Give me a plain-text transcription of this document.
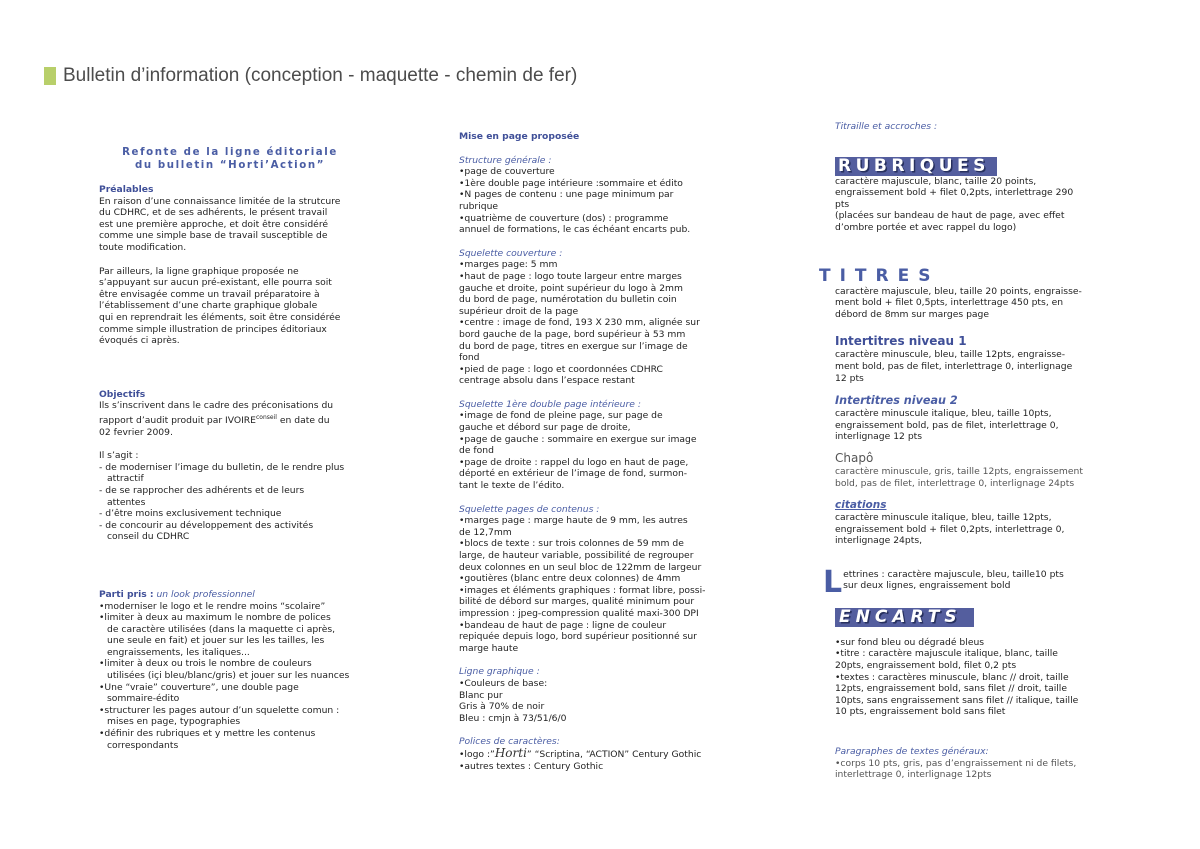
Bulletin d’information (conception - maquette - chemin de fer)
Refonte de la ligne éditoriale
du bulletin “Horti’Action”
Préalables
En raison d’une connaissance limitée de la strutcure
du CDHRC, et de ses adhérents, le présent travail
est une première approche, et doit être considéré
comme une simple base de travail susceptible de
toute modification.
Par ailleurs, la ligne graphique proposée ne
s’appuyant sur aucun pré-existant, elle pourra soit
être envisagée comme un travail préparatoire à
l’établissement d’une charte graphique globale
qui en reprendrait les éléments, soit être considérée
comme simple illustration de principes éditoriaux
évoqués ci après.
Objectifs
Ils s’inscrivent dans le cadre des préconisations du
rapport d’audit produit par $IVOIRE^{conseil}$ en date du
02 fevrier 2009.
Il s’agit :
- de moderniser l’image du bulletin, de le rendre plus
attractif
- de se rapprocher des adhérents et de leurs
attentes
- d’être moins exclusivement technique
- de concourir au développement des activités
conseil du CDHRC
Parti pris : un look professionnel
•moderniser le logo et le rendre moins “scolaire”
•limiter à deux au maximum le nombre de polices
de caractère utilisées (dans la maquette ci après,
une seule en fait) et jouer sur les les tailles, les
engraissements, les italiques...
•limiter à deux ou trois le nombre de couleurs
utilisées (içi bleu/blanc/gris) et jouer sur les nuances
•Une “vraie” couverture”, une double page
sommaire-édito
•structurer les pages autour d’un squelette comun :
mises en page, typographies
•définir des rubriques et y mettre les contenus
correspondants
Mise en page proposée
Structure générale :
•page de couverture
•1ère double page intérieure :sommaire et édito
•N pages de contenu : une page minimum par
rubrique
•quatrième de couverture (dos) : programme
annuel de formations, le cas échéant encarts pub.
Squelette couverture :
•marges page: 5 mm
•haut de page : logo toute largeur entre marges
gauche et droite, point supérieur du logo à 2mm
du bord de page, numérotation du bulletin coin
supérieur droit de la page
•centre : image de fond, 193 X 230 mm, alignée sur
bord gauche de la page, bord supérieur à 53 mm
du bord de page, titres en exergue sur l’image de
fond
•pied de page : logo et coordonnées CDHRC
centrage absolu dans l’espace restant
Squelette 1ère double page intérieure :
•image de fond de pleine page, sur page de
gauche et débord sur page de droite,
•page de gauche : sommaire en exergue sur image
de fond
•page de droite : rappel du logo en haut de page,
déporté en extérieur de l’image de fond, surmon-
tant le texte de l’édito.
Squelette pages de contenus :
•marges page : marge haute de 9 mm, les autres
de 12,7mm
•blocs de texte : sur trois colonnes de 59 mm de
large, de hauteur variable, possibilité de regrouper
deux colonnes en un seul bloc de 122mm de largeur
•goutières (blanc entre deux colonnes) de 4mm
•images et éléments graphiques : format libre, possi-
bilité de débord sur marges, qualité minimum pour
impression : jpeg-compression qualité maxi-300 DPI
•bandeau de haut de page : ligne de couleur
repiquée depuis logo, bord supérieur positionné sur
marge haute
Ligne graphique :
•Couleurs de base:
Blanc pur
Gris à 70% de noir
Bleu : cmjn à 73/51/6/0
Polices de caractères:
•logo :”Horti” “Scriptina, “ACTION” Century Gothic
•autres textes : Century Gothic
Titraille et accroches :
RUBRIQUES
caractère majuscule, blanc, taille 20 points,
engraissement bold + filet 0,2pts, interlettrage 290
pts
(placées sur bandeau de haut de page, avec effet
d’ombre portée et avec rappel du logo)
TITRES
caractère majuscule, bleu, taille 20 points, engraisse-
ment bold + filet 0,5pts, interlettrage 450 pts, en
débord de 8mm sur marges page
Intertitres niveau 1
caractère minuscule, bleu, taille 12pts, engraisse-
ment bold, pas de filet, interlettrage 0, interlignage
12 pts
Intertitres niveau 2
caractère minuscule italique, bleu, taille 10pts,
engraissement bold, pas de filet, interlettrage 0,
interlignage 12 pts
Chapô
caractère minuscule, gris, taille 12pts, engraissement
bold, pas de filet, interlettrage 0, interlignage 24pts
citations
caractère minuscule italique, bleu, taille 12pts,
engraissement bold + filet 0,2pts, interlettrage 0,
interlignage 24pts,
L ettrines : caractère majuscule, bleu, taille10 pts
sur deux lignes, engraissement bold
ENCARTS
•sur fond bleu ou dégradé bleus
•titre : caractère majuscule italique, blanc, taille
20pts, engraissement bold, filet 0,2 pts
•textes : caractères minuscule, blanc // droit, taille
12pts, engraissement bold, sans filet // droit, taille
10pts, sans engraissement sans filet // italique, taille
10 pts, engraissement bold sans filet
Paragraphes de textes généraux:
•corps 10 pts, gris, pas d’engraissement ni de filets,
interlettrage 0, interlignage 12pts
